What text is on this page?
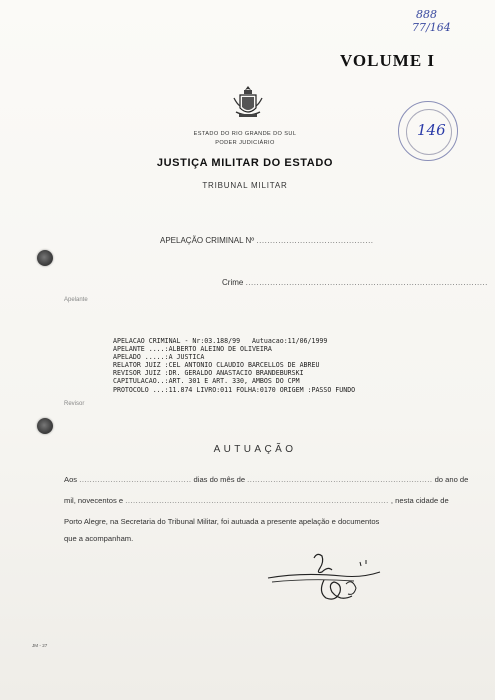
888
77/164
VOLUME I
ESTADO DO RIO GRANDE DO SUL
PODER JUDICIÁRIO
JUSTIÇA MILITAR DO ESTADO
TRIBUNAL MILITAR
146
APELAÇÃO CRIMINAL Nº ...........................................
Crime .........................................................................................
Apelante
Revisor
APELACAO CRIMINAL - Nr:03.188/99   Autuacao:11/06/1999
APELANTE ....:ALBERTO ALEINO DE OLIVEIRA
APELADO .....:A JUSTICA
RELATOR JUIZ :CEL ANTONIO CLAUDIO BARCELLOS DE ABREU
REVISOR JUIZ :DR. GERALDO ANASTACIO BRANDEBURSKI
CAPITULACAO..:ART. 301 E ART. 330, AMBOS DO CPM
PROTOCOLO ...:11.874 LIVRO:011 FOLHA:0170 ORIGEM :PASSO FUNDO
AUTUAÇÃO
Aos ........................................... dias do mês de ....................................................................... do ano de
mil, novecentos e ..................................................................................................... , nesta cidade de
Porto Alegre, na Secretaria do Tribunal Militar, foi autuada a presente apelação e documentos
que a acompanham.
JM - 27
